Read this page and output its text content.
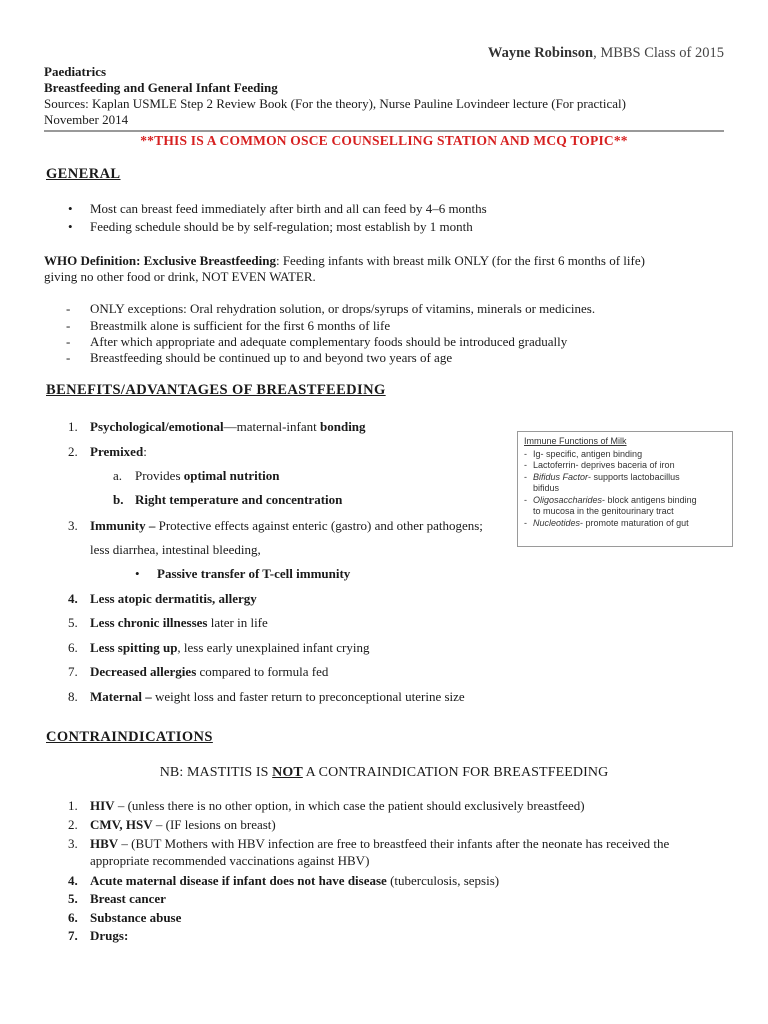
Wayne Robinson, MBBS Class of 2015
Paediatrics
Breastfeeding and General Infant Feeding
Sources: Kaplan USMLE Step 2 Review Book (For the theory), Nurse Pauline Lovindeer lecture (For practical)
November 2014
**THIS IS A COMMON OSCE COUNSELLING STATION AND MCQ TOPIC**
GENERAL
• Most can breast feed immediately after birth and all can feed by 4–6 months
• Feeding schedule should be by self-regulation; most establish by 1 month
WHO Definition: Exclusive Breastfeeding: Feeding infants with breast milk ONLY (for the first 6 months of life)
giving no other food or drink, NOT EVEN WATER.
- ONLY exceptions: Oral rehydration solution, or drops/syrups of vitamins, minerals or medicines.
- Breastmilk alone is sufficient for the first 6 months of life
- After which appropriate and adequate complementary foods should be introduced gradually
- Breastfeeding should be continued up to and beyond two years of age
BENEFITS/ADVANTAGES OF BREASTFEEDING
1. Psychological/emotional—maternal-infant bonding
2. Premixed:
a. Provides optimal nutrition
b. Right temperature and concentration
3. Immunity – Protective effects against enteric (gastro) and other pathogens;
less diarrhea, intestinal bleeding,
• Passive transfer of T-cell immunity
4. Less atopic dermatitis, allergy
5. Less chronic illnesses later in life
6. Less spitting up, less early unexplained infant crying
7. Decreased allergies compared to formula fed
8. Maternal – weight loss and faster return to preconceptional uterine size
Immune Functions of Milk
- Ig- specific, antigen binding
- Lactoferrin- deprives baceria of iron
- Bifidus Factor- supports lactobacillus
bifidus
- Oligosaccharides- block antigens binding
to mucosa in the genitourinary tract
- Nucleotides- promote maturation of gut
CONTRAINDICATIONS
NB: MASTITIS IS NOT A CONTRAINDICATION FOR BREASTFEEDING
1. HIV – (unless there is no other option, in which case the patient should exclusively breastfeed)
2. CMV, HSV – (IF lesions on breast)
3. HBV – (BUT Mothers with HBV infection are free to breastfeed their infants after the neonate has received the
appropriate recommended vaccinations against HBV)
4. Acute maternal disease if infant does not have disease (tuberculosis, sepsis)
5. Breast cancer
6. Substance abuse
7. Drugs:
